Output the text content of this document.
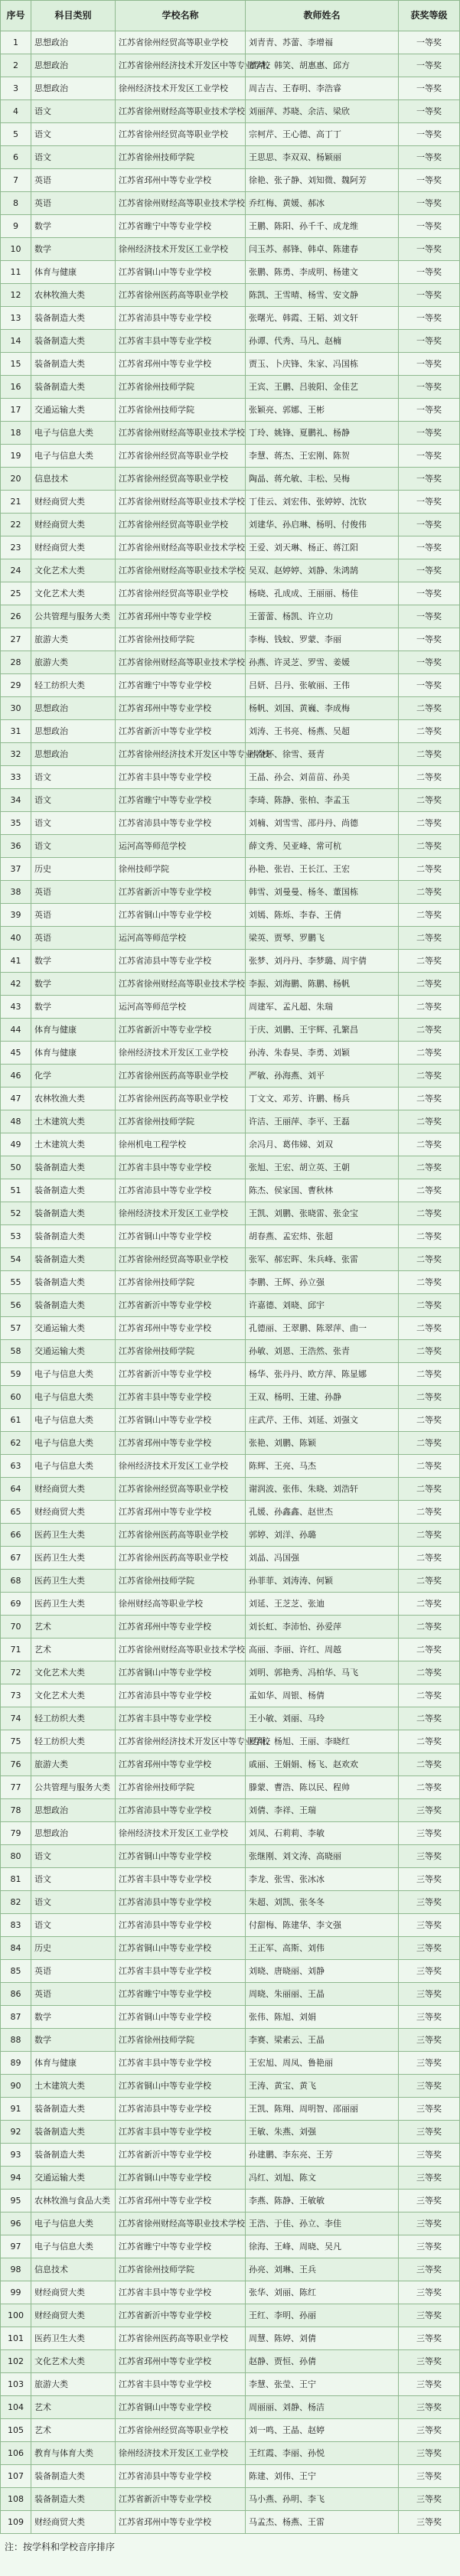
序号	科目类别	学校名称	教师姓名	获奖等级
1	思想政治	江苏省徐州经贸高等职业学校	刘青青、苏蕾、李增福	一等奖
2	思想政治	江苏省徐州经济技术开发区中等专业学校	董靖、韩笑、胡惠惠、邱方	一等奖
3	思想政治	徐州经济技术开发区工业学校	周吉吉、王春明、李浩睿	一等奖
4	语文	江苏省徐州财经高等职业技术学校	刘丽萍、苏晓、余洁、梁欣	一等奖
5	语文	江苏省徐州经贸高等职业学校	宗柯芹、王心德、高丁丁	一等奖
6	语文	江苏省徐州技师学院	王思思、李双双、杨颖丽	一等奖
7	英语	江苏省邳州中等专业学校	徐艳、张子静、刘知微、魏阿芳	一等奖
8	英语	江苏省徐州财经高等职业技术学校	乔红梅、黄媛、郝冰	一等奖
9	数学	江苏省睢宁中等专业学校	王鹏、陈阳、孙千千、成龙维	一等奖
10	数学	徐州经济技术开发区工业学校	闫玉苏、郝锋、韩卓、陈建春	一等奖
11	体育与健康	江苏省铜山中等专业学校	张鹏、陈勇、李成明、杨建文	一等奖
12	农林牧渔大类	江苏省徐州医药高等职业学校	陈凯、王雪晴、杨雪、安文静	一等奖
13	装备制造大类	江苏省沛县中等专业学校	张曙光、韩霞、王韬、刘文轩	一等奖
14	装备制造大类	江苏省丰县中等专业学校	孙谭、代秀、马凡、赵楠	一等奖
15	装备制造大类	江苏省邳州中等专业学校	贾玉、卜庆锋、朱家、冯国栋	一等奖
16	装备制造大类	江苏省徐州技师学院	王宾、王鹏、吕骏阳、金佳艺	一等奖
17	交通运输大类	江苏省徐州技师学院	张颖亮、郭娜、王彬	一等奖
18	电子与信息大类	江苏省徐州财经高等职业技术学校	丁玲、姚锋、夏鹏礼、杨静	一等奖
19	电子与信息大类	江苏省徐州经贸高等职业学校	李慧、蒋杰、王宏刚、陈贺	一等奖
20	信息技术	江苏省徐州经贸高等职业学校	陶晶、蒋允敏、丰松、吴梅	一等奖
21	财经商贸大类	江苏省徐州财经高等职业技术学校	丁佳云、刘宏伟、张婷婷、沈钦	一等奖
22	财经商贸大类	江苏省徐州经贸高等职业学校	刘建华、孙启琳、杨明、付俊伟	一等奖
23	财经商贸大类	江苏省徐州财经高等职业技术学校	王爱、刘天琳、杨正、蒋江阳	一等奖
24	文化艺术大类	江苏省徐州财经高等职业技术学校	吴双、赵婷婷、刘静、朱鸿鹄	一等奖
25	文化艺术大类	江苏省徐州经贸高等职业学校	杨晓、孔成成、王丽丽、杨佳	一等奖
26	公共管理与服务大类	江苏省邳州中等专业学校	王蕾蕾、杨凯、许立功	一等奖
27	旅游大类	江苏省徐州技师学院	李梅、钱蚊、罗蒙、李丽	一等奖
28	旅游大类	江苏省徐州财经高等职业技术学校	孙燕、许灵芝、罗雪、姜媛	一等奖
29	轻工纺织大类	江苏省睢宁中等专业学校	吕妍、吕丹、张敏丽、王伟	一等奖
30	思想政治	江苏省邳州中等专业学校	杨帆、刘国、黄巍、李成梅	二等奖
31	思想政治	江苏省新沂中等专业学校	刘涛、王书亮、杨燕、吴超	二等奖
32	思想政治	江苏省徐州经济技术开发区中等专业学校	孙金环、徐雪、聂青	二等奖
33	语文	江苏省丰县中等专业学校	王晶、孙会、刘苗苗、孙美	二等奖
34	语文	江苏省睢宁中等专业学校	李琦、陈静、张柏、李孟玉	二等奖
35	语文	江苏省沛县中等专业学校	刘楠、刘雪雪、邵丹丹、尚德	二等奖
36	语文	运河高等师范学校	薛文秀、吴亚峰、常可杭	二等奖
37	历史	徐州技师学院	孙艳、张岩、王长江、王宏	二等奖
38	英语	江苏省新沂中等专业学校	韩雪、刘曼曼、杨冬、董国栋	二等奖
39	英语	江苏省铜山中等专业学校	刘嫣、陈烁、李春、王倩	二等奖
40	英语	运河高等师范学校	梁英、贾琴、罗鹏飞	二等奖
41	数学	江苏省沛县中等专业学校	张梦、刘丹丹、李梦璐、周宇倩	二等奖
42	数学	江苏省徐州财经高等职业技术学校	李振、刘海鹏、陈鹏、杨帆	二等奖
43	数学	运河高等师范学校	周建军、孟凡超、朱瑞	二等奖
44	体育与健康	江苏省新沂中等专业学校	于庆、刘鹏、王宇辉、孔繁昌	二等奖
45	体育与健康	徐州经济技术开发区工业学校	孙涛、朱春昊、李勇、刘颖	二等奖
46	化学	江苏省徐州医药高等职业学校	严敏、孙海燕、刘平	二等奖
47	农林牧渔大类	江苏省徐州医药高等职业学校	丁文文、邓芳、许鹏、杨兵	二等奖
48	土木建筑大类	江苏省徐州技师学院	许洁、王丽萍、李平、王磊	二等奖
49	土木建筑大类	徐州机电工程学校	余冯月、葛伟娣、刘双	二等奖
50	装备制造大类	江苏省丰县中等专业学校	张旭、王宏、胡立英、王朝	二等奖
51	装备制造大类	江苏省沛县中等专业学校	陈杰、侯家国、曹秋林	二等奖
52	装备制造大类	徐州经济技术开发区工业学校	王凯、刘鹏、张晓雷、张金宝	二等奖
53	装备制造大类	江苏省铜山中等专业学校	胡春燕、孟宏炜、张超	二等奖
54	装备制造大类	江苏省徐州经贸高等职业学校	张军、郝宏晖、朱兵峰、张雷	二等奖
55	装备制造大类	江苏省徐州技师学院	李鹏、王辉、孙立强	二等奖
56	装备制造大类	江苏省新沂中等专业学校	许嘉德、刘晓、邱宇	二等奖
57	交通运输大类	江苏省邳州中等专业学校	孔德丽、王翠鹏、陈翠萍、曲一	二等奖
58	交通运输大类	江苏省徐州技师学院	孙敏、刘恩、王浩然、张青	二等奖
59	电子与信息大类	江苏省新沂中等专业学校	杨华、张丹丹、欧方萍、陈显娜	二等奖
60	电子与信息大类	江苏省丰县中等专业学校	王双、杨明、王建、孙静	二等奖
61	电子与信息大类	江苏省铜山中等专业学校	庄武芹、王伟、刘延、刘强文	二等奖
62	电子与信息大类	江苏省邳州中等专业学校	张艳、刘鹏、陈颖	二等奖
63	电子与信息大类	徐州经济技术开发区工业学校	陈辉、王亮、马杰	二等奖
64	财经商贸大类	江苏省徐州经贸高等职业学校	谢润波、张伟、朱晓、刘浩轩	二等奖
65	财经商贸大类	江苏省邳州中等专业学校	孔媛、孙鑫鑫、赵世杰	二等奖
66	医药卫生大类	江苏省徐州医药高等职业学校	郭婷、刘洋、孙璐	二等奖
67	医药卫生大类	江苏省徐州医药高等职业学校	刘晶、冯国强	二等奖
68	医药卫生大类	江苏省徐州技师学院	孙菲菲、刘涛涛、何颖	二等奖
69	医药卫生大类	徐州财经高等职业学校	刘延、王芝芝、张迪	二等奖
70	艺术	江苏省邳州中等专业学校	刘长虹、李沛怡、孙爱萍	二等奖
71	艺术	江苏省徐州财经高等职业技术学校	高丽、李丽、许红、周越	二等奖
72	文化艺术大类	江苏省铜山中等专业学校	刘明、郭艳秀、冯柏华、马飞	二等奖
73	文化艺术大类	江苏省沛县中等专业学校	孟如华、周银、杨倩	二等奖
74	轻工纺织大类	江苏省丰县中等专业学校	王小敏、刘丽、马玲	二等奖
75	轻工纺织大类	江苏省徐州经济技术开发区中等专业学校	夏雨、杨旭、王丽、李晓红	二等奖
76	旅游大类	江苏省邳州中等专业学校	戚丽、王娟娟、杨飞、赵欢欢	二等奖
77	公共管理与服务大类	江苏省徐州技师学院	滕蒙、曹浩、陈以民、程帅	二等奖
78	思想政治	江苏省沛县中等专业学校	刘倩、李祥、王瑞	三等奖
79	思想政治	徐州经济技术开发区工业学校	刘凤、石莉莉、李敏	三等奖
80	语文	江苏省铜山中等专业学校	张继刚、刘文涛、高晓丽	三等奖
81	语文	江苏省丰县中等专业学校	李龙、张雪、张冰冰	三等奖
82	语文	江苏省沛县中等专业学校	朱超、刘凯、张冬冬	三等奖
83	语文	江苏省沛县中等专业学校	付甜梅、陈建华、李文强	三等奖
84	历史	江苏省铜山中等专业学校	王正军、高斯、刘伟	三等奖
85	英语	江苏省丰县中等专业学校	刘晓、唐晓丽、刘静	三等奖
86	英语	江苏省睢宁中等专业学校	周晓、朱丽丽、王晶	三等奖
87	数学	江苏省铜山中等专业学校	张伟、陈旭、刘娟	三等奖
88	数学	江苏省徐州技师学院	李赛、梁素云、王晶	三等奖
89	体育与健康	江苏省丰县中等专业学校	王宏旭、周凤、鲁艳丽	三等奖
90	土木建筑大类	江苏省铜山中等专业学校	王涛、黄宝、黄飞	三等奖
91	装备制造大类	江苏省沛县中等专业学校	王凯、陈翔、周明智、邵丽丽	三等奖
92	装备制造大类	江苏省丰县中等专业学校	王敏、朱燕、刘强	三等奖
93	装备制造大类	江苏省新沂中等专业学校	孙建鹏、李东亮、王芳	三等奖
94	交通运输大类	江苏省铜山中等专业学校	冯红、刘旭、陈文	三等奖
95	农林牧渔与食品大类	江苏省邳州中等专业学校	李燕、陈静、王敏敏	三等奖
96	电子与信息大类	江苏省徐州财经高等职业技术学校	王浩、于佳、孙立、李佳	三等奖
97	电子与信息大类	江苏省睢宁中等专业学校	徐海、王峰、周晓、吴凡	三等奖
98	信息技术	江苏省徐州技师学院	孙亮、刘琳、王兵	三等奖
99	财经商贸大类	江苏省丰县中等专业学校	张华、刘丽、陈红	三等奖
100	财经商贸大类	江苏省新沂中等专业学校	王红、李明、孙丽	三等奖
101	医药卫生大类	江苏省徐州医药高等职业学校	周慧、陈婷、刘倩	三等奖
102	文化艺术大类	江苏省邳州中等专业学校	赵静、贾恒、孙倩	三等奖
103	旅游大类	江苏省丰县中等专业学校	李慧、张莹、王宁	三等奖
104	艺术	江苏省铜山中等专业学校	周丽丽、刘静、杨洁	三等奖
105	艺术	江苏省徐州经贸高等职业学校	刘一鸣、王晶、赵婷	三等奖
106	教育与体育大类	徐州经济技术开发区工业学校	王红霞、李丽、孙悦	三等奖
107	装备制造大类	江苏省沛县中等专业学校	陈建、刘伟、王宁	三等奖
108	装备制造大类	江苏省新沂中等专业学校	马小燕、孙明、李飞	三等奖
109	财经商贸大类	江苏省邳州中等专业学校	马孟杰、杨燕、王雷	三等奖
注：按学科和学校音序排序
